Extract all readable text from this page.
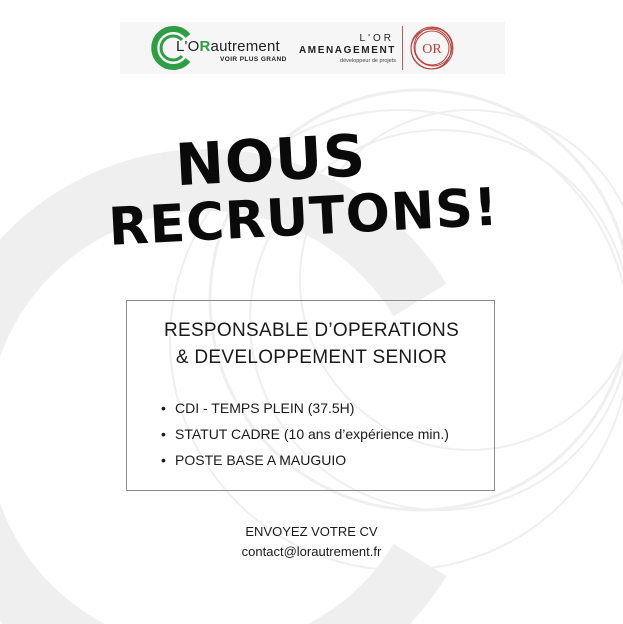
L'ORautrement
VOIR PLUS GRAND
L'OR
AMENAGEMENT
développeur de projets
OR
NOUS
RECRUTONS!
RESPONSABLE D’OPERATIONS
& DEVELOPPEMENT SENIOR
• CDI - TEMPS PLEIN (37.5H)
• STATUT CADRE (10 ans d’expérience min.)
• POSTE BASE A MAUGUIO
ENVOYEZ VOTRE CV
contact@lorautrement.fr
